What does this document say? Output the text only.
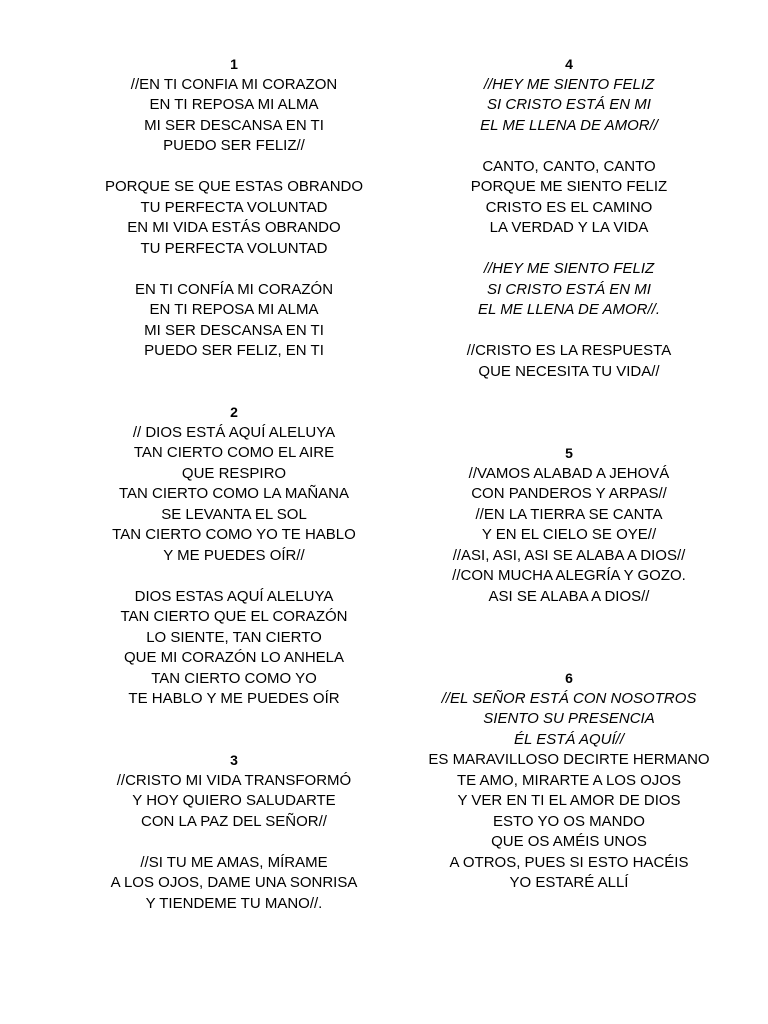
1
//EN TI CONFIA MI CORAZON
EN TI REPOSA MI ALMA
MI SER DESCANSA EN TI
PUEDO SER FELIZ//
PORQUE SE QUE ESTAS OBRANDO
TU PERFECTA VOLUNTAD
EN MI VIDA ESTÁS OBRANDO
TU PERFECTA VOLUNTAD
EN TI CONFÍA MI CORAZÓN
EN TI REPOSA MI ALMA
MI SER DESCANSA EN TI
PUEDO SER FELIZ, EN TI
2
// DIOS ESTÁ AQUÍ ALELUYA
TAN CIERTO COMO EL AIRE
QUE RESPIRO
TAN CIERTO COMO LA MAÑANA
SE LEVANTA EL SOL
TAN CIERTO COMO YO TE HABLO
Y ME PUEDES OÍR//
DIOS ESTAS AQUÍ ALELUYA
TAN CIERTO QUE EL CORAZÓN
LO SIENTE, TAN CIERTO
QUE MI CORAZÓN LO ANHELA
TAN CIERTO COMO YO
TE HABLO Y ME PUEDES OÍR
3
//CRISTO MI VIDA TRANSFORMÓ
Y HOY QUIERO SALUDARTE
CON LA PAZ DEL SEÑOR//
//SI TU ME AMAS, MÍRAME
A LOS OJOS, DAME UNA SONRISA
Y TIENDEME TU MANO//.
4
//HEY ME SIENTO FELIZ
SI CRISTO ESTÁ EN MI
EL ME LLENA DE AMOR//
CANTO, CANTO, CANTO
PORQUE ME SIENTO FELIZ
CRISTO ES EL CAMINO
LA VERDAD Y LA VIDA
//HEY ME SIENTO FELIZ
SI CRISTO ESTÁ EN MI
EL ME LLENA DE AMOR//.
//CRISTO ES LA RESPUESTA
QUE NECESITA TU VIDA//
5
//VAMOS ALABAD A JEHOVÁ
CON PANDEROS Y ARPAS//
//EN LA TIERRA SE CANTA
Y EN EL CIELO SE OYE//
//ASI, ASI, ASI SE ALABA A DIOS//
//CON MUCHA ALEGRÍA Y GOZO.
ASI SE ALABA A DIOS//
6
//EL SEÑOR ESTÁ CON NOSOTROS
SIENTO SU PRESENCIA
ÉL ESTÁ AQUÍ//
ES MARAVILLOSO DECIRTE HERMANO
TE AMO, MIRARTE A LOS OJOS
Y VER EN TI EL AMOR DE DIOS
ESTO YO OS MANDO
QUE OS AMÉIS UNOS
A OTROS, PUES SI ESTO HACÉIS
YO ESTARÉ ALLÍ
